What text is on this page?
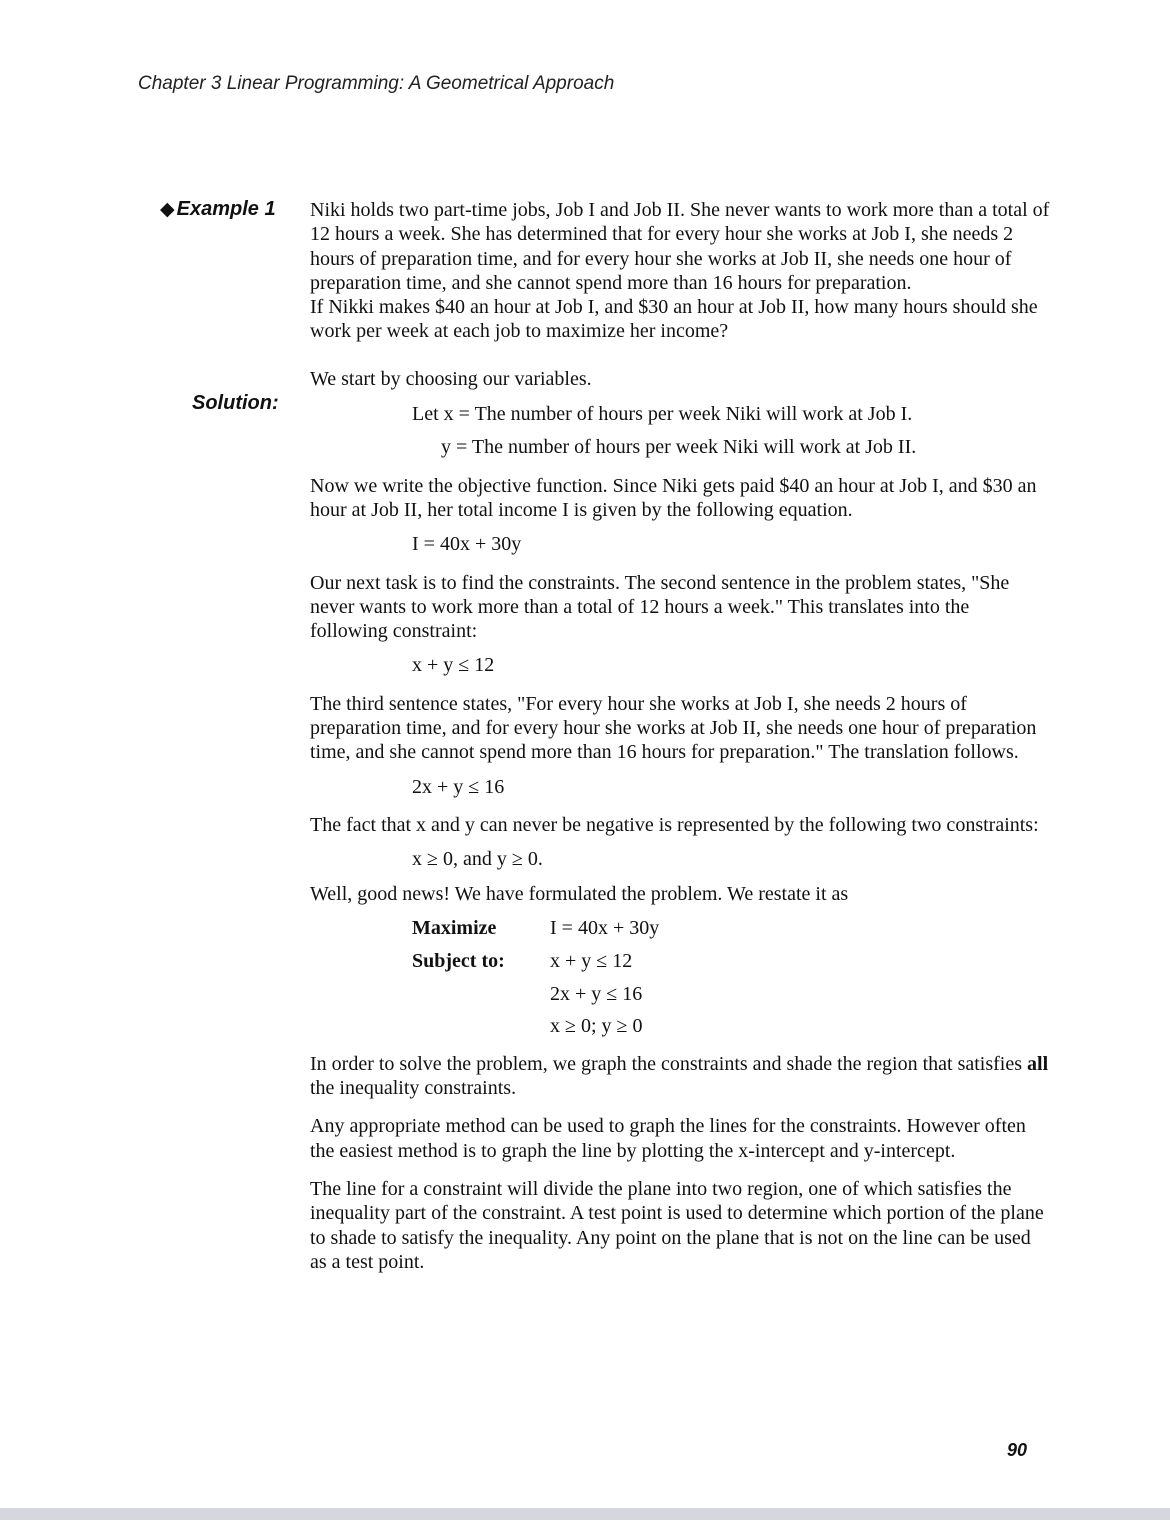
Chapter 3 Linear Programming: A Geometrical Approach
◆ Example 1
Solution:

Niki holds two part-time jobs, Job I and Job II. She never wants to work more than a total of 12 hours a week. She has determined that for every hour she works at Job I, she needs 2 hours of preparation time, and for every hour she works at Job II, she needs one hour of preparation time, and she cannot spend more than 16 hours for preparation.

If Nikki makes $40 an hour at Job I, and $30 an hour at Job II, how many hours should she work per week at each job to maximize her income?

We start by choosing our variables.

Let x = The number of hours per week Niki will work at Job I.

y = The number of hours per week Niki will work at Job II.

Now we write the objective function. Since Niki gets paid $40 an hour at Job I, and $30 an hour at Job II, her total income I is given by the following equation.

I = 40x + 30y

Our next task is to find the constraints. The second sentence in the problem states, "She never wants to work more than a total of 12 hours a week." This translates into the following constraint:

x + y ≤ 12

The third sentence states, "For every hour she works at Job I, she needs 2 hours of preparation time, and for every hour she works at Job II, she needs one hour of preparation time, and she cannot spend more than 16 hours for preparation." The translation follows.

2x + y ≤ 16

The fact that x and y can never be negative is represented by the following two constraints:

x ≥ 0, and y ≥ 0.

Well, good news! We have formulated the problem. We restate it as

Maximize	I = 40x + 30y
Subject to:	x + y ≤ 12
2x + y ≤ 16
x ≥ 0; y ≥ 0

In order to solve the problem, we graph the constraints and shade the region that satisfies all the inequality constraints.

Any appropriate method can be used to graph the lines for the constraints. However often the easiest method is to graph the line by plotting the x-intercept and y-intercept.

The line for a constraint will divide the plane into two region, one of which satisfies the inequality part of the constraint. A test point is used to determine which portion of the plane to shade to satisfy the inequality. Any point on the plane that is not on the line can be used as a test point.

90
